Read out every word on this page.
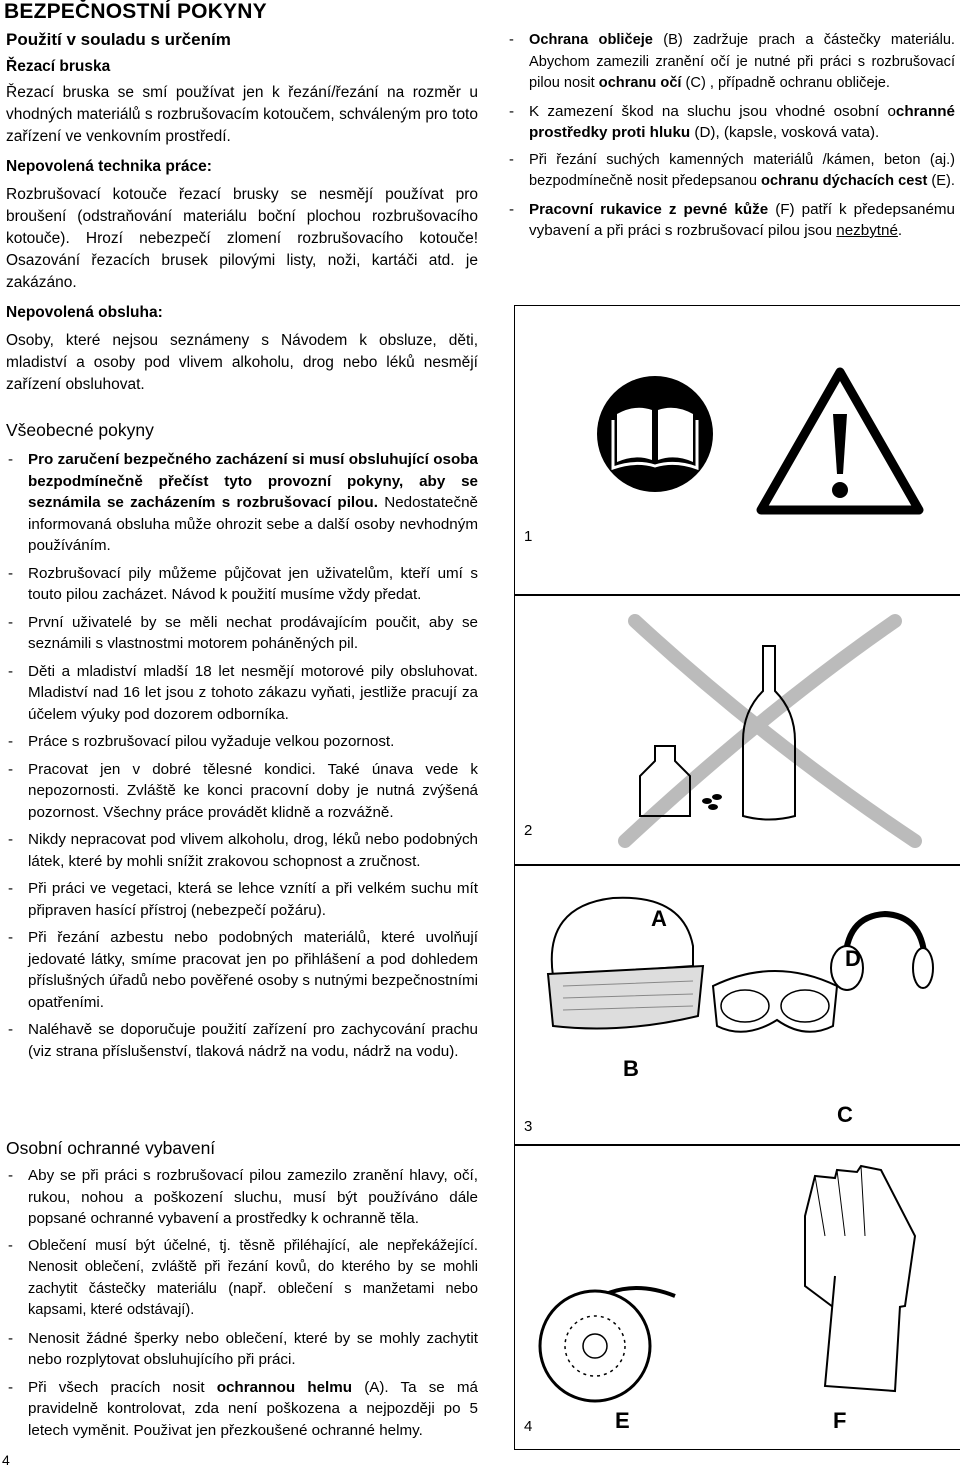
BEZPEČNOSTNÍ POKYNY
Použití v souladu s určením
Řezací bruska
Řezací bruska se smí používat jen k řezání/řezání na rozměr u vhodných materiálů s rozbrušovacím kotoučem, schváleným pro toto zařízení ve venkovním prostředí.
Nepovolená technika práce:
Rozbrušovací kotouče řezací brusky se nesmějí používat pro broušení (odstraňování materiálu boční plochou rozbrušovacího kotouče). Hrozí nebezpečí zlomení rozbrušovacího kotouče! Osazování řezacích brusek pilovými listy, noži, kartáči atd. je zakázáno.
Nepovolená obsluha:
Osoby, které nejsou seznámeny s Návodem k obsluze, děti, mladiství a osoby pod vlivem alkoholu, drog nebo léků nesmějí zařízení obsluhovat.
Všeobecné pokyny
- Pro zaručení bezpečného zacházení si musí obsluhující osoba bezpodmínečně přečíst tyto provozní pokyny, aby se seznámila se zacházením s rozbrušovací pilou. Nedostatečně informovaná obsluha může ohrozit sebe a další osoby nevhodným používáním.
- Rozbrušovací pily můžeme půjčovat jen uživatelům, kteří umí s touto pilou zacházet. Návod k použití musíme vždy předat.
- První uživatelé by se měli nechat prodávajícím poučit, aby se seznámili s vlastnostmi motorem poháněných pil.
- Děti a mladiství mladší 18 let nesmějí motorové pily obsluhovat. Mladiství nad 16 let jsou z tohoto zákazu vyňati, jestliže pracují za účelem výuky pod dozorem odborníka.
- Práce s rozbrušovací pilou vyžaduje velkou pozornost.
- Pracovat jen v dobré tělesné kondici. Také únava vede k nepozornosti. Zvláště ke konci pracovní doby je nutná zvýšená pozornost. Všechny práce provádět klidně a rozvážně.
- Nikdy nepracovat pod vlivem alkoholu, drog, léků nebo podobných látek, které by mohli snížit zrakovou schopnost a zručnost.
- Při práci ve vegetaci, která se lehce vznítí a při velkém suchu mít připraven hasící přístroj (nebezpečí požáru).
- Při řezání azbestu nebo podobných materiálů, které uvolňují jedovaté látky, smíme pracovat jen po přihlášení a pod dohledem příslušných úřadů nebo pověřené osoby s nutnými bezpečnostními opatřeními.
- Naléhavě se doporučuje použití zařízení pro zachycování prachu (viz strana příslušenství, tlaková nádrž na vodu, nádrž na vodu).
Osobní ochranné vybavení
- Aby se při práci s rozbrušovací pilou zamezilo zranění hlavy, očí, rukou, nohou a poškození sluchu, musí být používáno dále popsané ochranné vybavení a prostředky k ochranně těla.
- Oblečení musí být účelné, tj. těsně přiléhající, ale nepřekážející. Nenosit oblečení, zvláště při řezání kovů, do kterého by se mohli zachytit částečky materiálu (např. oblečení s manžetami nebo kapsami, které odstávají).
- Nenosit žádné šperky nebo oblečení, které by se mohly zachytit nebo rozplytovat obsluhujícího při práci.
- Při všech pracích nosit ochrannou helmu (A). Ta se má pravidelně kontrolovat, zda není poškozena a nejpozději po 5 letech vyměnit. Použivat jen přezkoušené ochranné helmy.
- Ochrana obličeje (B) zadržuje prach a částečky materiálu. Abychom zamezili zranění očí je nutné při práci s rozbrušovací pilou nosit ochranu očí (C) , případně ochranu obličeje.
- K zamezení škod na sluchu jsou vhodné osobní ochranné prostředky proti hluku (D), (kapsle, vosková vata).
- Při řezání suchých kamenných materiálů /kámen, beton (aj.) bezpodmínečně nosit předepsanou ochranu dýchacích cest (E).
- Pracovní rukavice z pevné kůže (F) patří k předepsanému vybavení a při práci s rozbrušovací pilou jsou nezbytné.
1
2
3
A
B
C
D
4	E	F
4
